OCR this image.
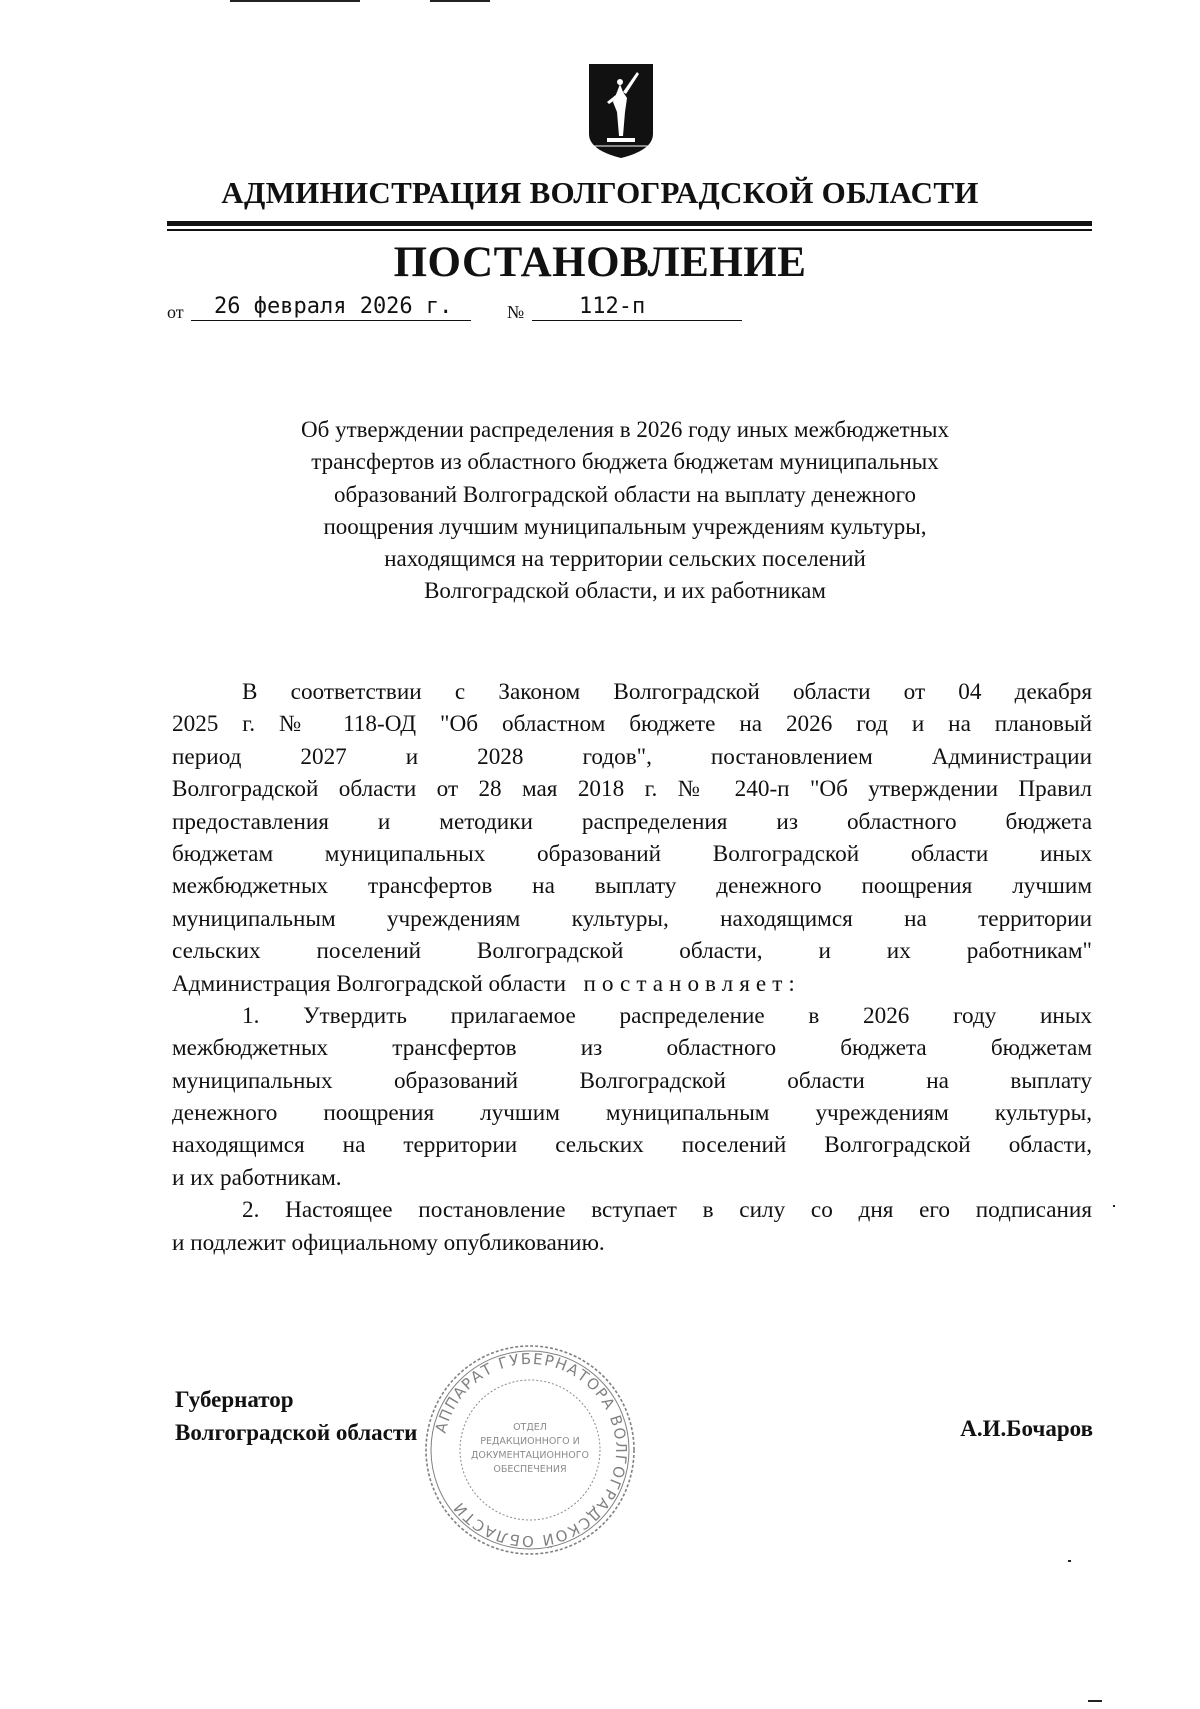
АДМИНИСТРАЦИЯ ВОЛГОГРАДСКОЙ ОБЛАСТИ
ПОСТАНОВЛЕНИЕ
от 26 февраля 2026 г.	№ 112-п
Об утверждении распределения в 2026 году иных межбюджетных
трансфертов из областного бюджета бюджетам муниципальных
образований Волгоградской области на выплату денежного
поощрения лучшим муниципальным учреждениям культуры,
находящимся на территории сельских поселений
Волгоградской области, и их работникам
В соответствии с Законом Волгоградской области от 04 декабря
2025 г. № 118-ОД "Об областном бюджете на 2026 год и на плановый
период 2027 и 2028 годов", постановлением Администрации
Волгоградской области от 28 мая 2018 г. № 240-п "Об утверждении Правил
предоставления и методики распределения из областного бюджета
бюджетам муниципальных образований Волгоградской области иных
межбюджетных трансфертов на выплату денежного поощрения лучшим
муниципальным учреждениям культуры, находящимся на территории
сельских поселений Волгоградской области, и их работникам"
Администрация Волгоградской области постановляет:
1. Утвердить прилагаемое распределение в 2026 году иных
межбюджетных трансфертов из областного бюджета бюджетам
муниципальных образований Волгоградской области на выплату
денежного поощрения лучшим муниципальным учреждениям культуры,
находящимся на территории сельских поселений Волгоградской области,
и их работникам.
2. Настоящее постановление вступает в силу со дня его подписания
и подлежит официальному опубликованию.
АППАРАТ ГУБЕРНАТОРА ВОЛГОГРАДСКОЙ ОБЛАСТИ
ОТДЕЛ
РЕДАКЦИОННОГО И
ДОКУМЕНТАЦИОННОГО
ОБЕСПЕЧЕНИЯ
Губернатор
Волгоградской области	А.И.Бочаров
